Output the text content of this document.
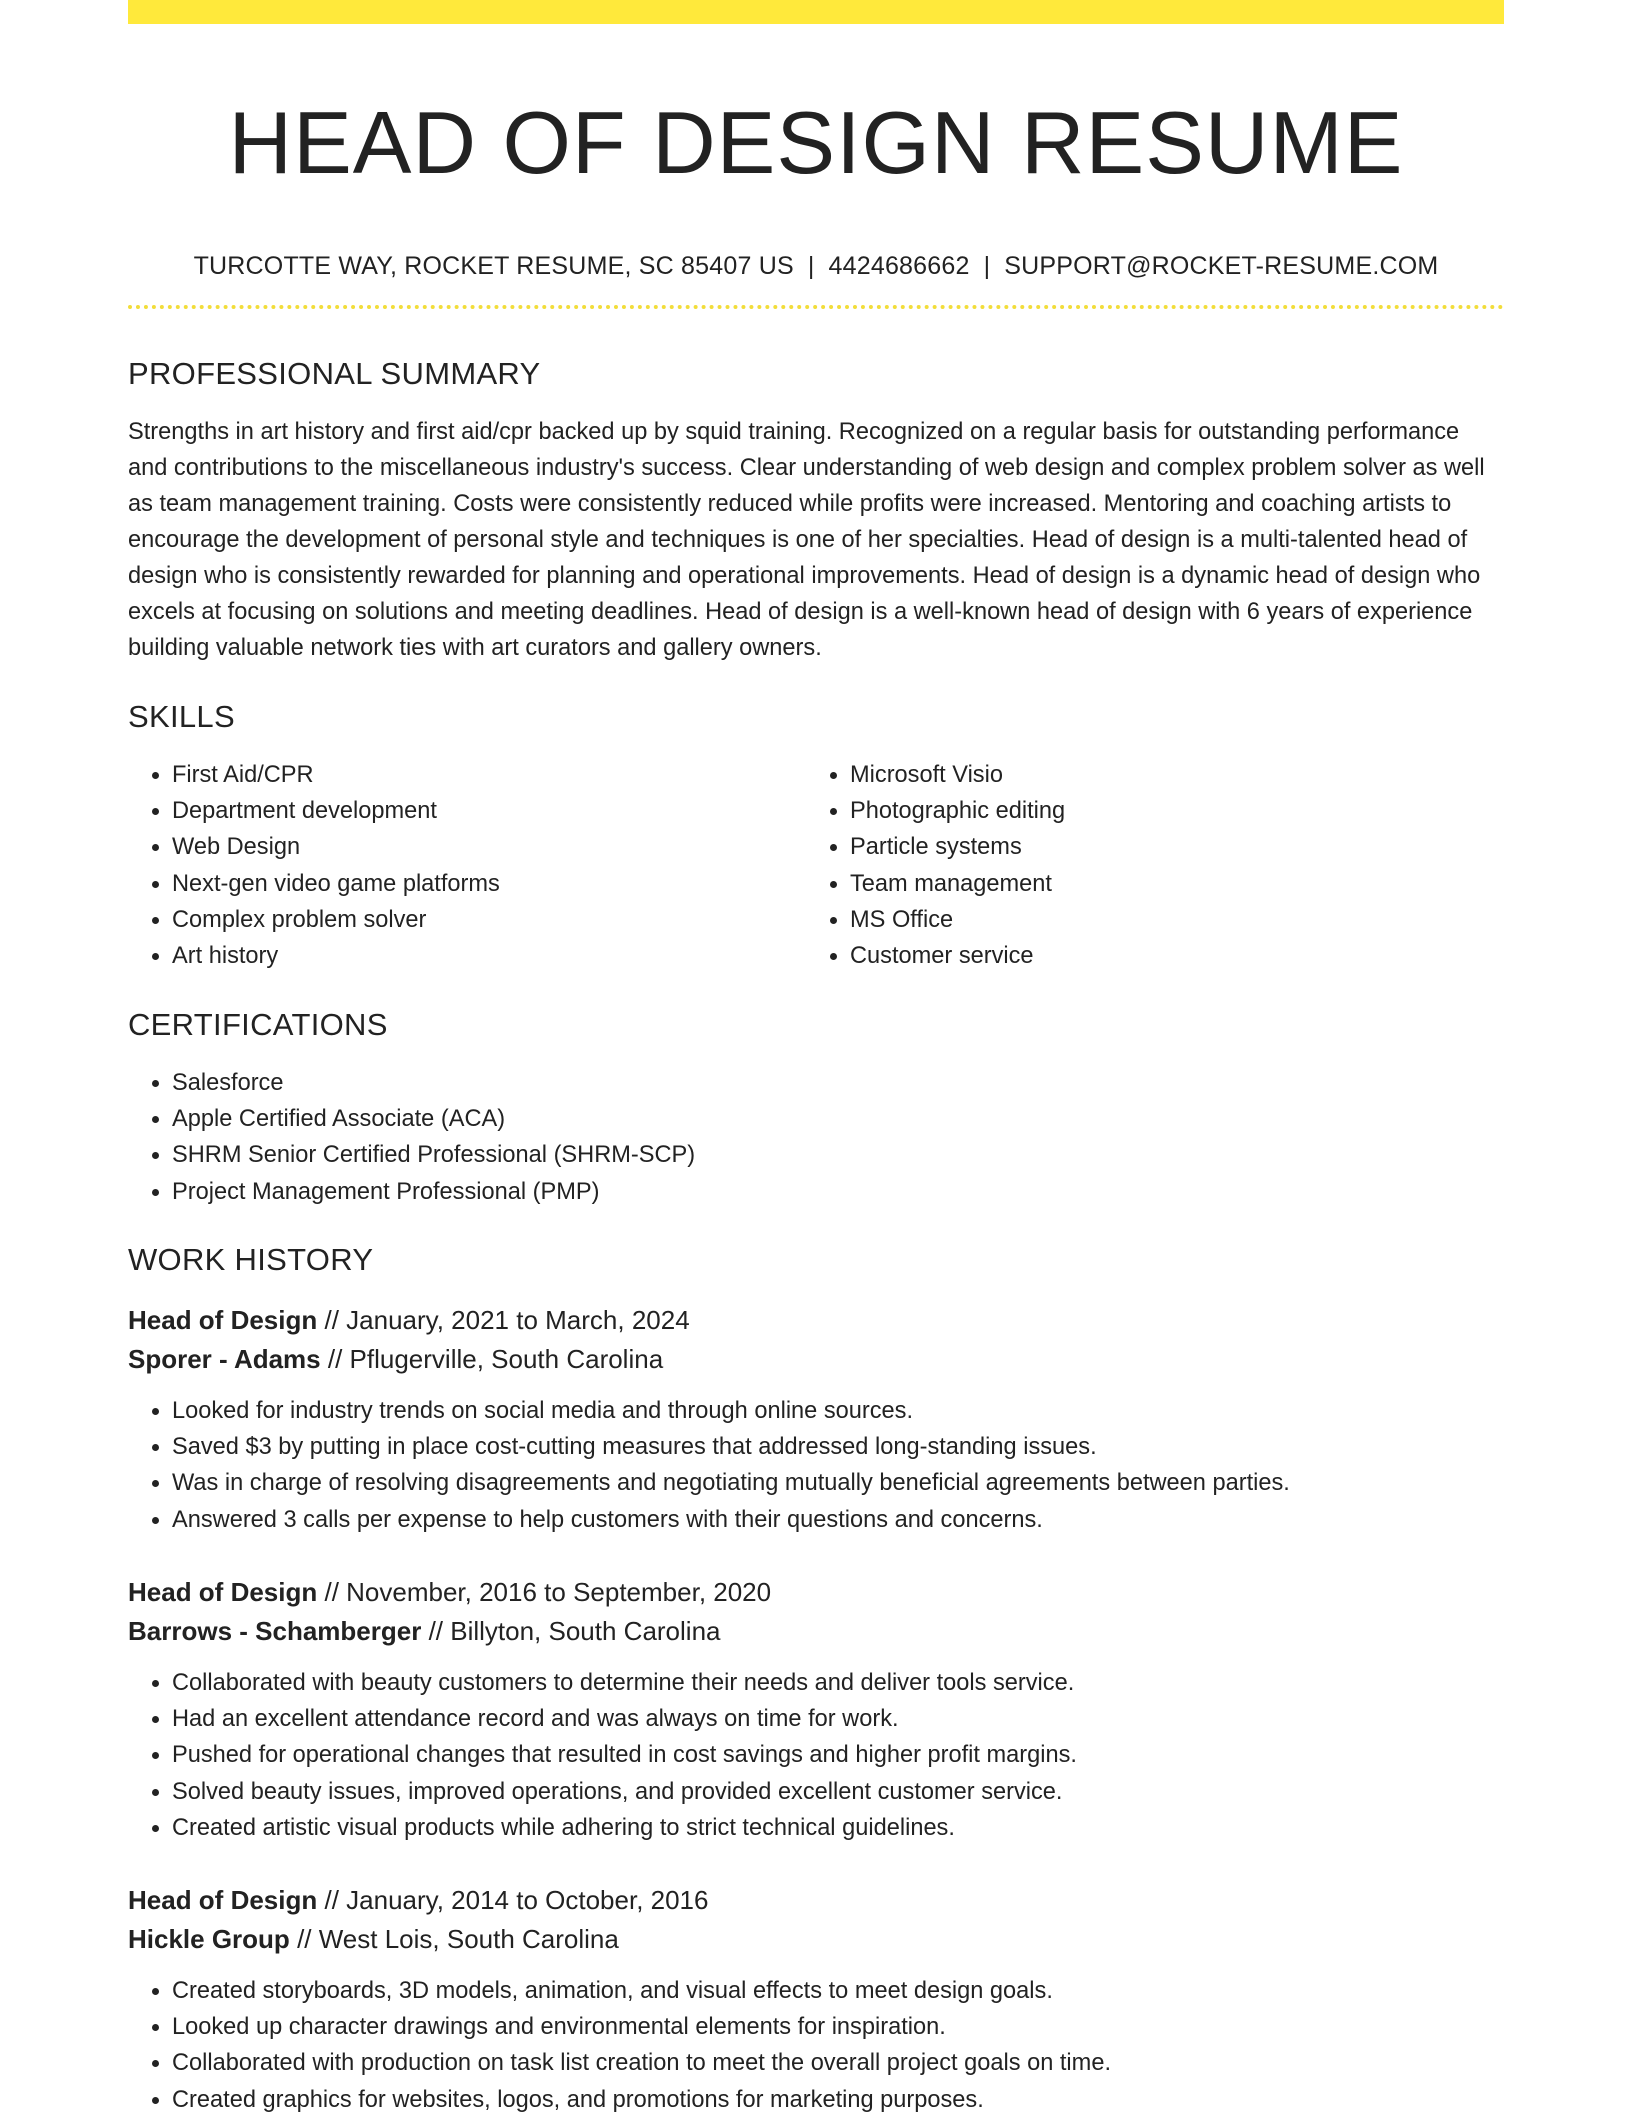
HEAD OF DESIGN RESUME
TURCOTTE WAY, ROCKET RESUME, SC 85407 US | 4424686662 | SUPPORT@ROCKET-RESUME.COM
PROFESSIONAL SUMMARY

Strengths in art history and first aid/cpr backed up by squid training. Recognized on a regular basis for outstanding performance and contributions to the miscellaneous industry's success. Clear understanding of web design and complex problem solver as well as team management training. Costs were consistently reduced while profits were increased. Mentoring and coaching artists to encourage the development of personal style and techniques is one of her specialties. Head of design is a multi-talented head of design who is consistently rewarded for planning and operational improvements. Head of design is a dynamic head of design who excels at focusing on solutions and meeting deadlines. Head of design is a well-known head of design with 6 years of experience building valuable network ties with art curators and gallery owners.

SKILLS
• First Aid/CPR
• Department development
• Web Design
• Next-gen video game platforms
• Complex problem solver
• Art history
• Microsoft Visio
• Photographic editing
• Particle systems
• Team management
• MS Office
• Customer service
CERTIFICATIONS
• Salesforce
• Apple Certified Associate (ACA)
• SHRM Senior Certified Professional (SHRM-SCP)
• Project Management Professional (PMP)
WORK HISTORY
Head of Design // January, 2021 to March, 2024
Sporer - Adams // Pflugerville, South Carolina
• Looked for industry trends on social media and through online sources.
• Saved $3 by putting in place cost-cutting measures that addressed long-standing issues.
• Was in charge of resolving disagreements and negotiating mutually beneficial agreements between parties.
• Answered 3 calls per expense to help customers with their questions and concerns.
Head of Design // November, 2016 to September, 2020
Barrows - Schamberger // Billyton, South Carolina
• Collaborated with beauty customers to determine their needs and deliver tools service.
• Had an excellent attendance record and was always on time for work.
• Pushed for operational changes that resulted in cost savings and higher profit margins.
• Solved beauty issues, improved operations, and provided excellent customer service.
• Created artistic visual products while adhering to strict technical guidelines.
Head of Design // January, 2014 to October, 2016
Hickle Group // West Lois, South Carolina
• Created storyboards, 3D models, animation, and visual effects to meet design goals.
• Looked up character drawings and environmental elements for inspiration.
• Collaborated with production on task list creation to meet the overall project goals on time.
• Created graphics for websites, logos, and promotions for marketing purposes.
